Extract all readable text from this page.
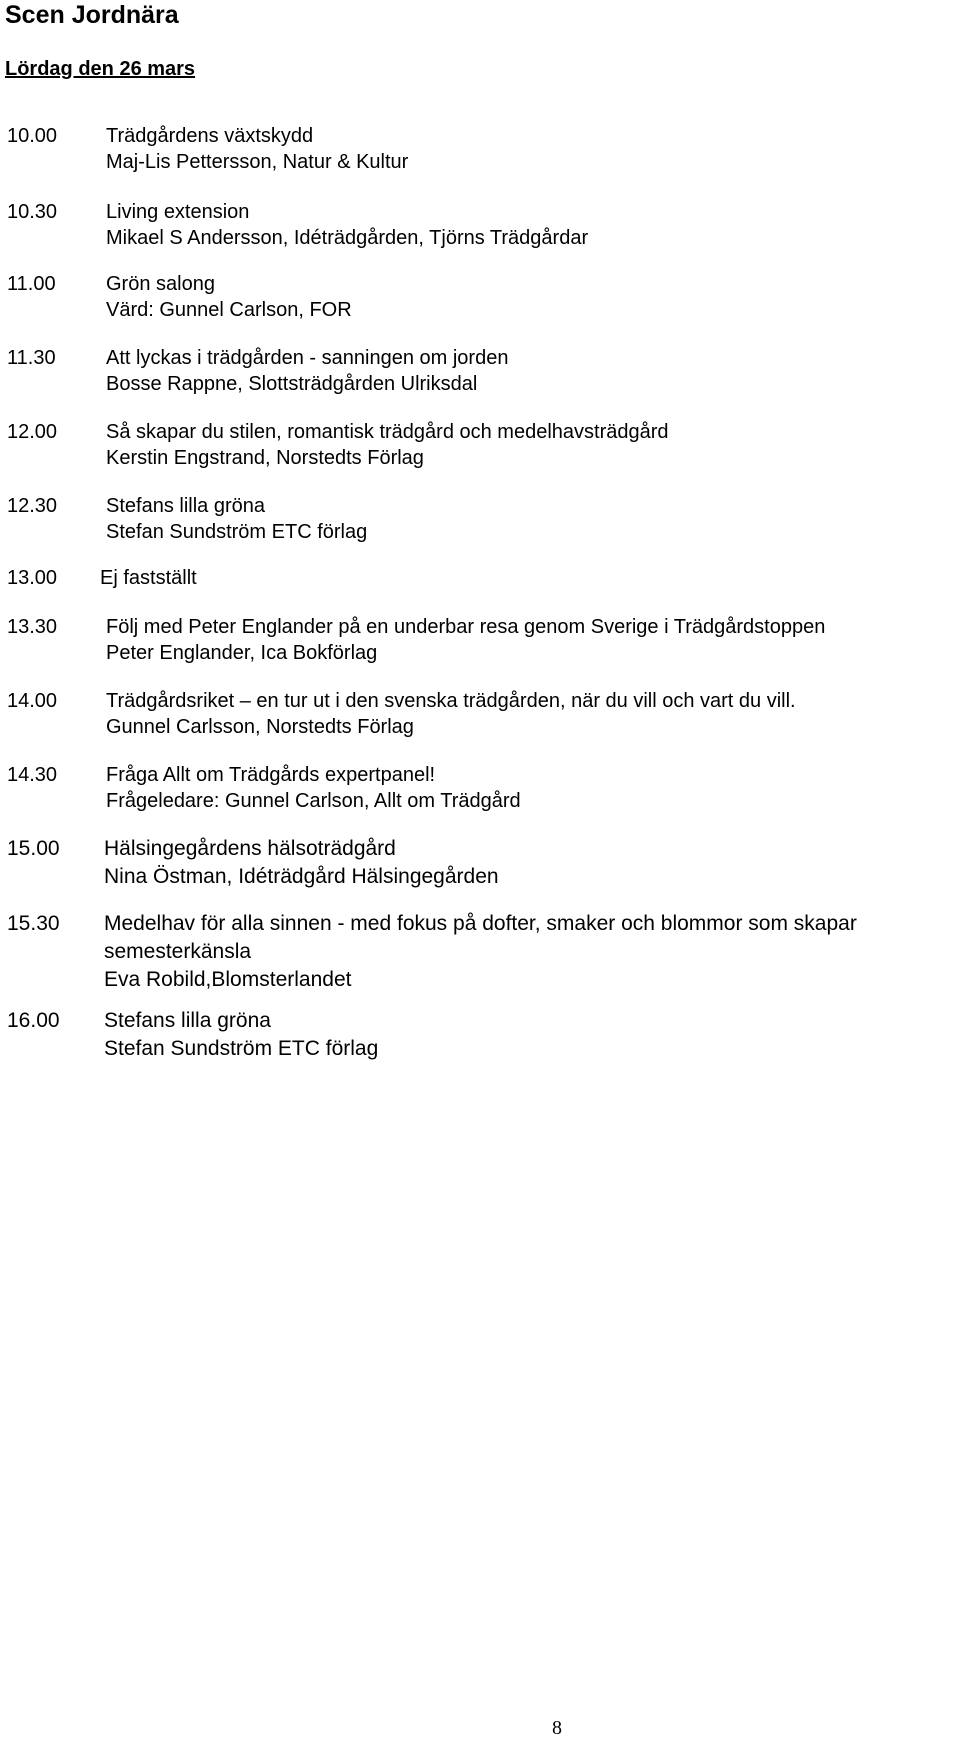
Scen Jordnära
Lördag den 26 mars
10.00 Trädgårdens växtskydd
Maj-Lis Pettersson, Natur & Kultur
10.30 Living extension
Mikael S Andersson, Idéträdgården, Tjörns Trädgårdar
11.00	Grön salong
Värd: Gunnel Carlson, FOR
11.30	Att lyckas i trädgården - sanningen om jorden
Bosse Rappne, Slottsträdgården Ulriksdal
12.00 Så skapar du stilen, romantisk trädgård och medelhavsträdgård
Kerstin Engstrand, Norstedts Förlag
12.30 Stefans lilla gröna
Stefan Sundström ETC förlag
13.00 Ej fastställt
13.30 Följ med Peter Englander på en underbar resa genom Sverige i Trädgårdstoppen
Peter Englander, Ica Bokförlag
14.00 Trädgårdsriket – en tur ut i den svenska trädgården, när du vill och vart du vill.
Gunnel Carlsson, Norstedts Förlag
14.30 Fråga Allt om Trädgårds expertpanel!
Frågeledare: Gunnel Carlson, Allt om Trädgård
15.00 Hälsingegårdens hälsoträdgård
Nina Östman, Idéträdgård Hälsingegården
15.30 Medelhav för alla sinnen - med fokus på dofter, smaker och blommor som skapar
semesterkänsla
Eva Robild,Blomsterlandet
16.00 Stefans lilla gröna
Stefan Sundström ETC förlag
8
